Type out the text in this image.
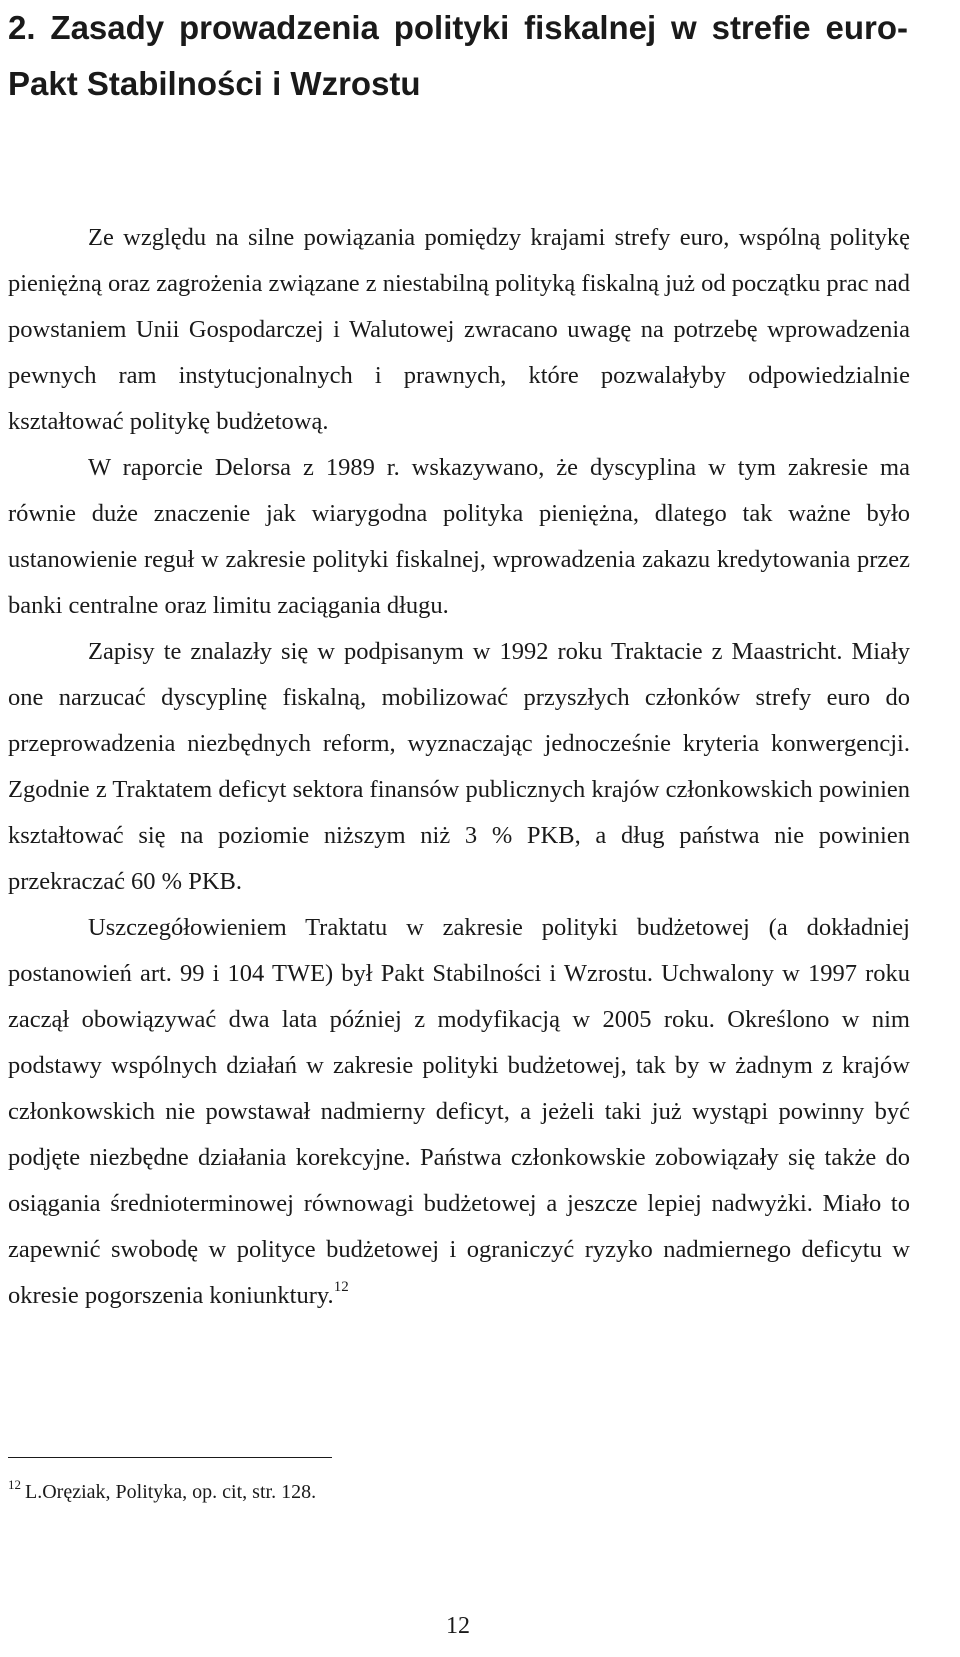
2. Zasady prowadzenia polityki fiskalnej w strefie euro- Pakt Stabilności i Wzrostu

Ze względu na silne powiązania pomiędzy krajami strefy euro, wspólną politykę pieniężną oraz zagrożenia związane z niestabilną polityką fiskalną już od początku prac nad powstaniem Unii Gospodarczej i Walutowej zwracano uwagę na potrzebę wprowadzenia pewnych ram instytucjonalnych i prawnych, które pozwalałyby odpowiedzialnie kształtować politykę budżetową.

W raporcie Delorsa z 1989 r. wskazywano, że dyscyplina w tym zakresie ma równie duże znaczenie jak wiarygodna polityka pieniężna, dlatego tak ważne było ustanowienie reguł w zakresie polityki fiskalnej, wprowadzenia zakazu kredytowania przez banki centralne oraz limitu zaciągania długu.

Zapisy te znalazły się w podpisanym w 1992 roku Traktacie z Maastricht. Miały one narzucać dyscyplinę fiskalną, mobilizować przyszłych członków strefy euro do przeprowadzenia niezbędnych reform, wyznaczając jednocześnie kryteria konwergencji. Zgodnie z Traktatem deficyt sektora finansów publicznych krajów członkowskich powinien kształtować się na poziomie niższym niż 3 % PKB, a dług państwa nie powinien przekraczać 60 % PKB.

Uszczegółowieniem Traktatu w zakresie polityki budżetowej (a dokładniej postanowień art. 99 i 104 TWE) był Pakt Stabilności i Wzrostu. Uchwalony w 1997 roku zaczął obowiązywać dwa lata później z modyfikacją w 2005 roku. Określono w nim podstawy wspólnych działań w zakresie polityki budżetowej, tak by w żadnym z krajów członkowskich nie powstawał nadmierny deficyt, a jeżeli taki już wystąpi powinny być podjęte niezbędne działania korekcyjne. Państwa członkowskie zobowiązały się także do osiągania średnioterminowej równowagi budżetowej a jeszcze lepiej nadwyżki. Miało to zapewnić swobodę w polityce budżetowej i ograniczyć ryzyko nadmiernego deficytu w okresie pogorszenia koniunktury.$^{12}$

$^{12}$ L.Oręziak, Polityka, op. cit, str. 128.
12
